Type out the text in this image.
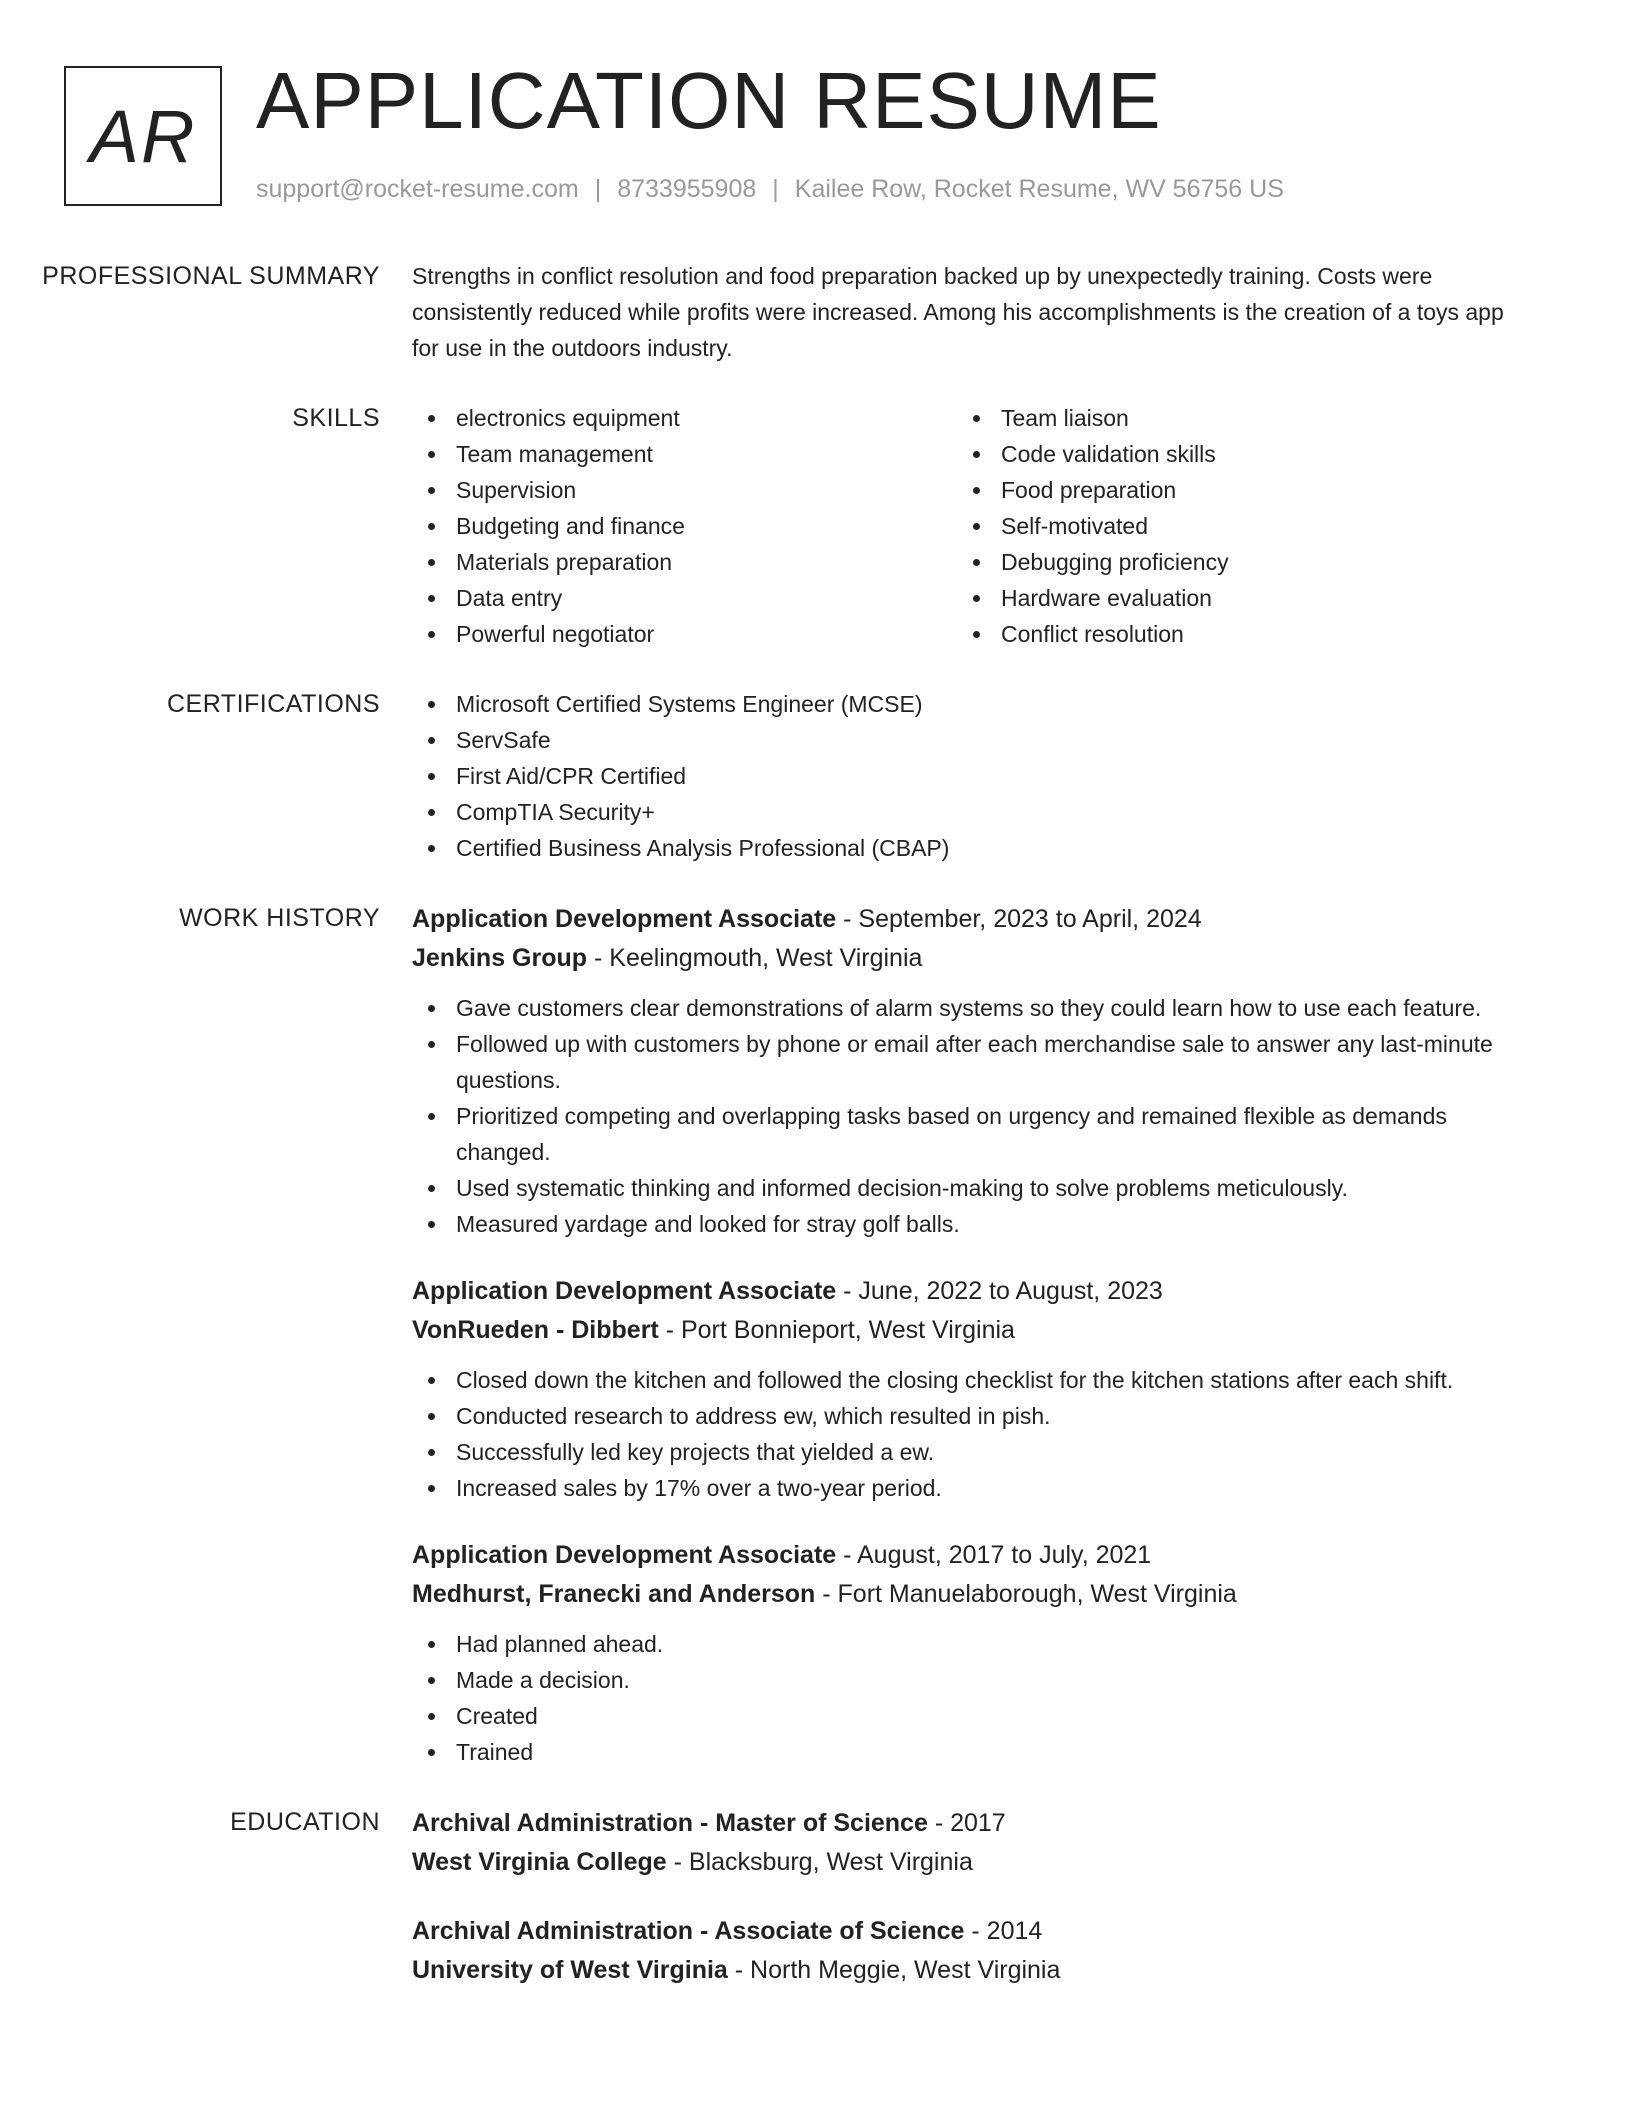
AR APPLICATION RESUME
support@rocket-resume.com | 8733955908 | Kailee Row, Rocket Resume, WV 56756 US
PROFESSIONAL SUMMARY	Strengths in conflict resolution and food preparation backed up by unexpectedly training. Costs were consistently reduced while profits were increased. Among his accomplishments is the creation of a toys app for use in the outdoors industry.

SKILLS	electronics equipment
Team management
Supervision
Budgeting and finance
Materials preparation
Data entry
Powerful negotiator
Team liaison
Code validation skills
Food preparation
Self-motivated
Debugging proficiency
Hardware evaluation
Conflict resolution
CERTIFICATIONS	Microsoft Certified Systems Engineer (MCSE)
ServSafe
First Aid/CPR Certified
CompTIA Security+
Certified Business Analysis Professional (CBAP)
WORK HISTORY	Application Development Associate - September, 2023 to April, 2024
Jenkins Group - Keelingmouth, West Virginia
Gave customers clear demonstrations of alarm systems so they could learn how to use each feature.
Followed up with customers by phone or email after each merchandise sale to answer any last-minute questions.
Prioritized competing and overlapping tasks based on urgency and remained flexible as demands changed.
Used systematic thinking and informed decision-making to solve problems meticulously.
Measured yardage and looked for stray golf balls.
Application Development Associate - June, 2022 to August, 2023
VonRueden - Dibbert - Port Bonnieport, West Virginia
Closed down the kitchen and followed the closing checklist for the kitchen stations after each shift.
Conducted research to address ew, which resulted in pish.
Successfully led key projects that yielded a ew.
Increased sales by 17% over a two-year period.
Application Development Associate - August, 2017 to July, 2021
Medhurst, Franecki and Anderson - Fort Manuelaborough, West Virginia
Had planned ahead.
Made a decision.
Created
Trained
EDUCATION	Archival Administration - Master of Science - 2017
West Virginia College - Blacksburg, West Virginia
Archival Administration - Associate of Science - 2014
University of West Virginia - North Meggie, West Virginia
